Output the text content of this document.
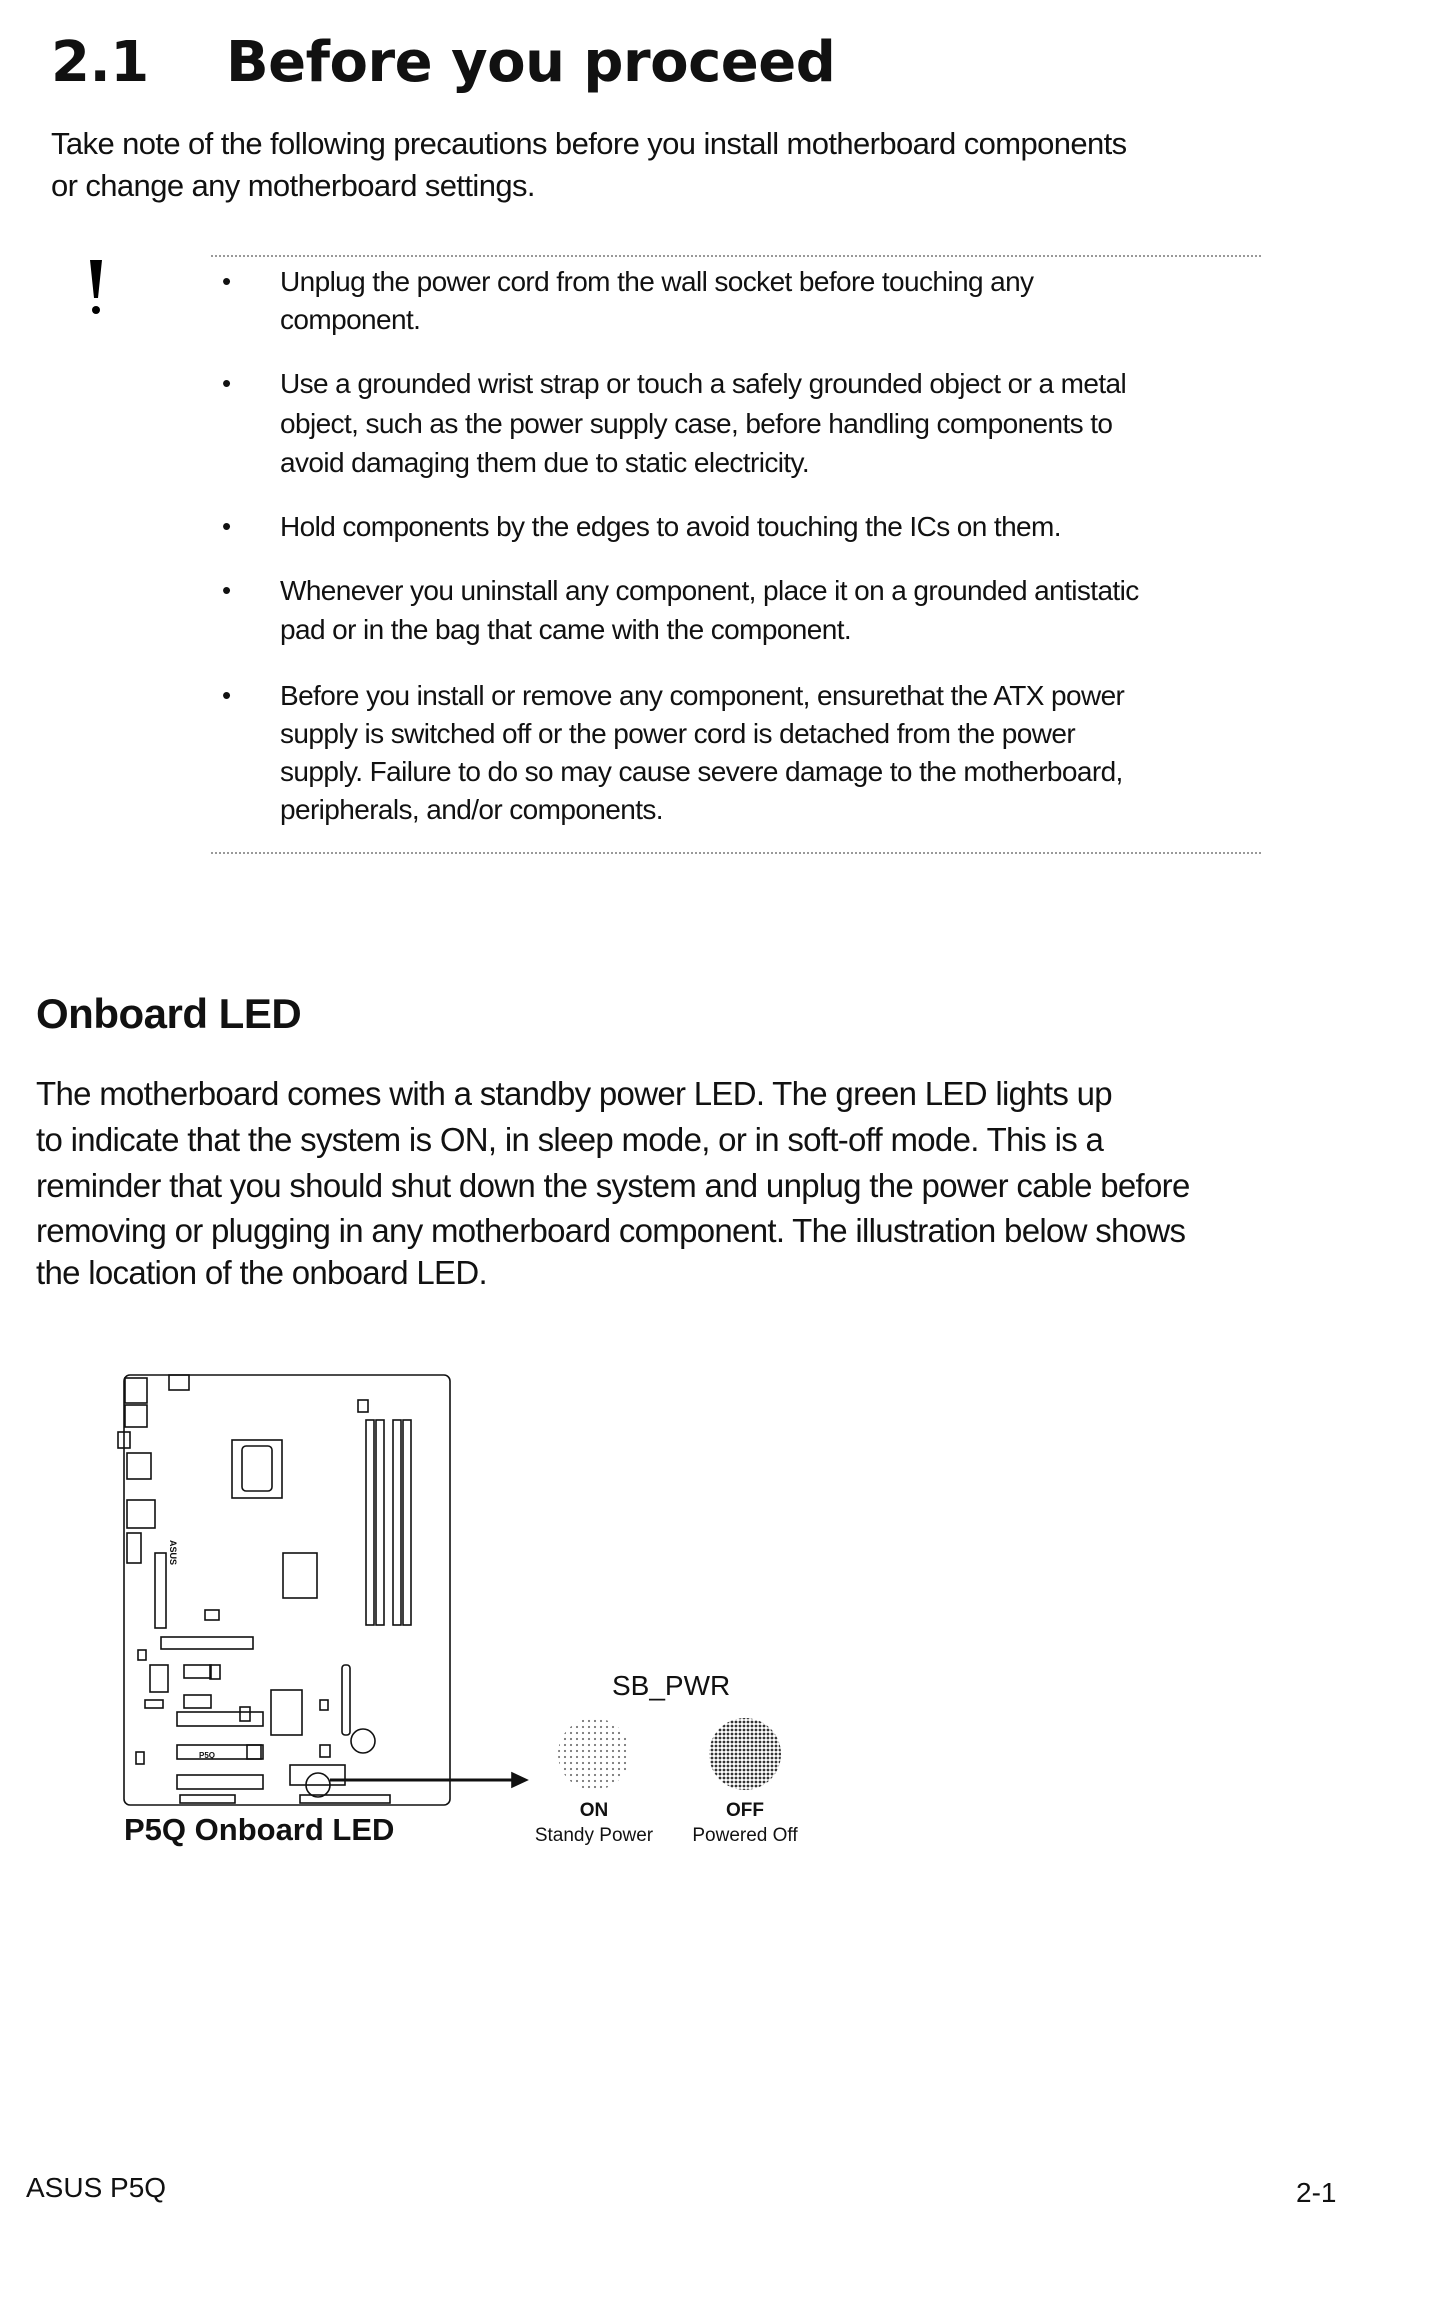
2.1 Before you proceed
Take note of the following precautions before you install motherboard components
or change any motherboard settings.
• Unplug the power cord from the wall socket before touching any
component.
• Use a grounded wrist strap or touch a safely grounded object or a metal
object, such as the power supply case, before handling components to
avoid damaging them due to static electricity.
• Hold components by the edges to avoid touching the ICs on them.
• Whenever you uninstall any component, place it on a grounded antistatic
pad or in the bag that came with the component.
• Before you install or remove any component, ensurethat the ATX power
supply is switched off or the power cord is detached from the power
supply. Failure to do so may cause severe damage to the motherboard,
peripherals, and/or components.
Onboard LED
The motherboard comes with a standby power LED. The green LED lights up
to indicate that the system is ON, in sleep mode, or in soft-off mode. This is a
reminder that you should shut down the system and unplug the power cable before
removing or plugging in any motherboard component. The illustration below shows
the location of the onboard LED.
P5Q
ASUS
P5Q Onboard LED
SB_PWR
ON
Standy Power
OFF
Powered Off
ASUS P5Q	2-1
